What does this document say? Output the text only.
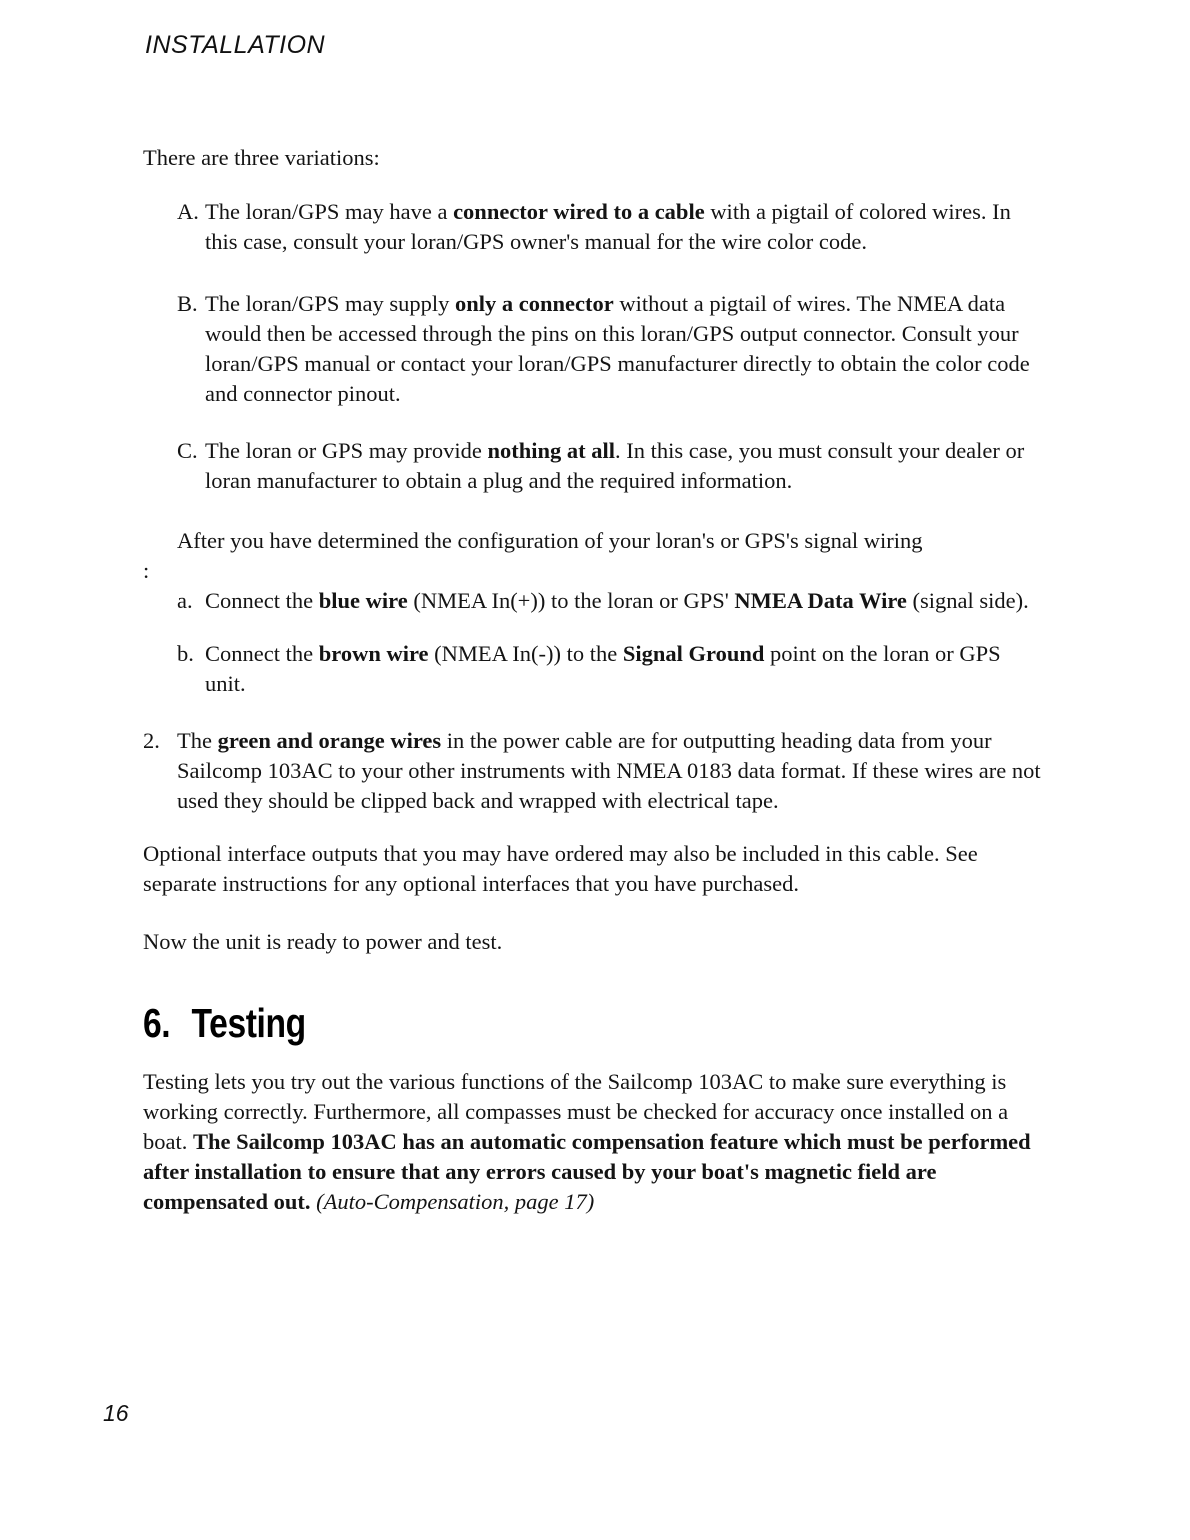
INSTALLATION

There are three variations:

A. The loran/GPS may have a connector wired to a cable with a pigtail of colored wires. In this case, consult your loran/GPS owner's manual for the wire color code.
B. The loran/GPS may supply only a connector without a pigtail of wires. The NMEA data would then be accessed through the pins on this loran/GPS output connector. Consult your loran/GPS manual or contact your loran/GPS manufacturer directly to obtain the color code and connector pinout.
C. The loran or GPS may provide nothing at all. In this case, you must consult your dealer or loran manufacturer to obtain a plug and the required information.

After you have determined the configuration of your loran's or GPS's signal wiring

:

a. Connect the blue wire (NMEA In(+)) to the loran or GPS' NMEA Data Wire (signal side).
b. Connect the brown wire (NMEA In(-)) to the Signal Ground point on the loran or GPS unit.
2. The green and orange wires in the power cable are for outputting heading data from your Sailcomp 103AC to your other instruments with NMEA 0183 data format. If these wires are not used they should be clipped back and wrapped with electrical tape.

Optional interface outputs that you may have ordered may also be included in this cable. See separate instructions for any optional interfaces that you have purchased.

Now the unit is ready to power and test.

6. Testing

Testing lets you try out the various functions of the Sailcomp 103AC to make sure everything is working correctly. Furthermore, all compasses must be checked for accuracy once installed on a boat. The Sailcomp 103AC has an automatic compensation feature which must be performed after installation to ensure that any errors caused by your boat's magnetic field are compensated out. (Auto-Compensation, page 17)

16
